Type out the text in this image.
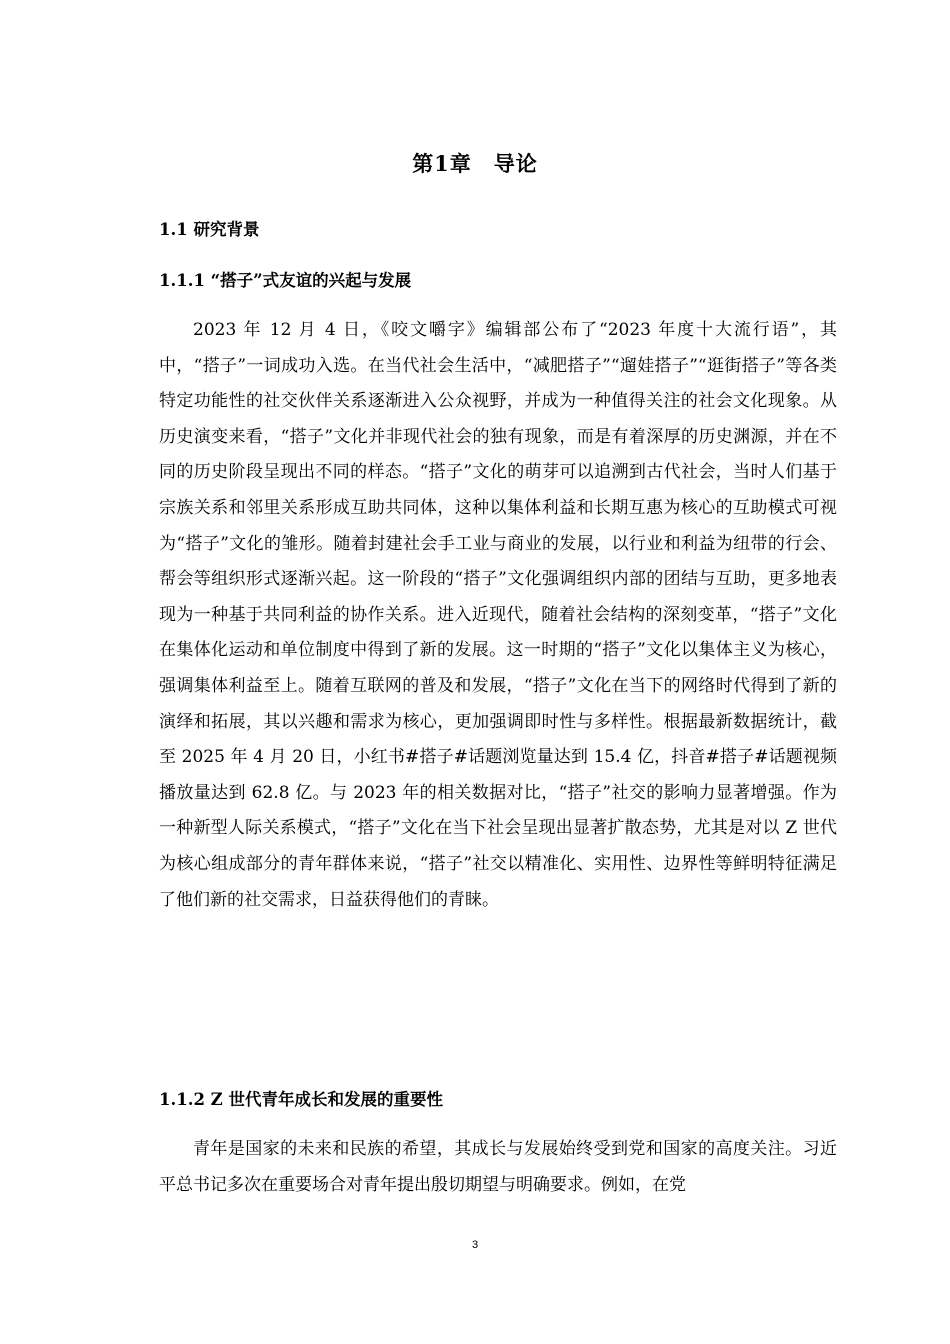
第1章　导论
1.1 研究背景
1.1.1 “搭子”式友谊的兴起与发展

2023 年 12 月 4 日，《咬文嚼字》编辑部公布了“2023 年度十大流行语”，其中，“搭子”一词成功入选。在当代社会生活中，“减肥搭子”“遛娃搭子”“逛街搭子”等各类特定功能性的社交伙伴关系逐渐进入公众视野，并成为一种值得关注的社会文化现象。从历史演变来看，“搭子”文化并非现代社会的独有现象，而是有着深厚的历史渊源，并在不同的历史阶段呈现出不同的样态。“搭子”文化的萌芽可以追溯到古代社会，当时人们基于宗族关系和邻里关系形成互助共同体，这种以集体利益和长期互惠为核心的互助模式可视为“搭子”文化的雏形。随着封建社会手工业与商业的发展，以行业和利益为纽带的行会、帮会等组织形式逐渐兴起。这一阶段的“搭子”文化强调组织内部的团结与互助，更多地表现为一种基于共同利益的协作关系。进入近现代，随着社会结构的深刻变革，“搭子”文化在集体化运动和单位制度中得到了新的发展。这一时期的“搭子”文化以集体主义为核心，强调集体利益至上。随着互联网的普及和发展，“搭子”文化在当下的网络时代得到了新的演绎和拓展，其以兴趣和需求为核心，更加强调即时性与多样性。根据最新数据统计，截至 2025 年 4 月 20 日，小红书#搭子#话题浏览量达到 15.4 亿，抖音#搭子#话题视频播放量达到 62.8 亿。与 2023 年的相关数据对比，“搭子”社交的影响力显著增强。作为一种新型人际关系模式，“搭子”文化在当下社会呈现出显著扩散态势，尤其是对以 Z 世代为核心组成部分的青年群体来说，“搭子”社交以精准化、实用性、边界性等鲜明特征满足了他们新的社交需求，日益获得他们的青睐。

1.1.2 Z 世代青年成长和发展的重要性

青年是国家的未来和民族的希望，其成长与发展始终受到党和国家的高度关注。习近平总书记多次在重要场合对青年提出殷切期望与明确要求。例如，在党

3
